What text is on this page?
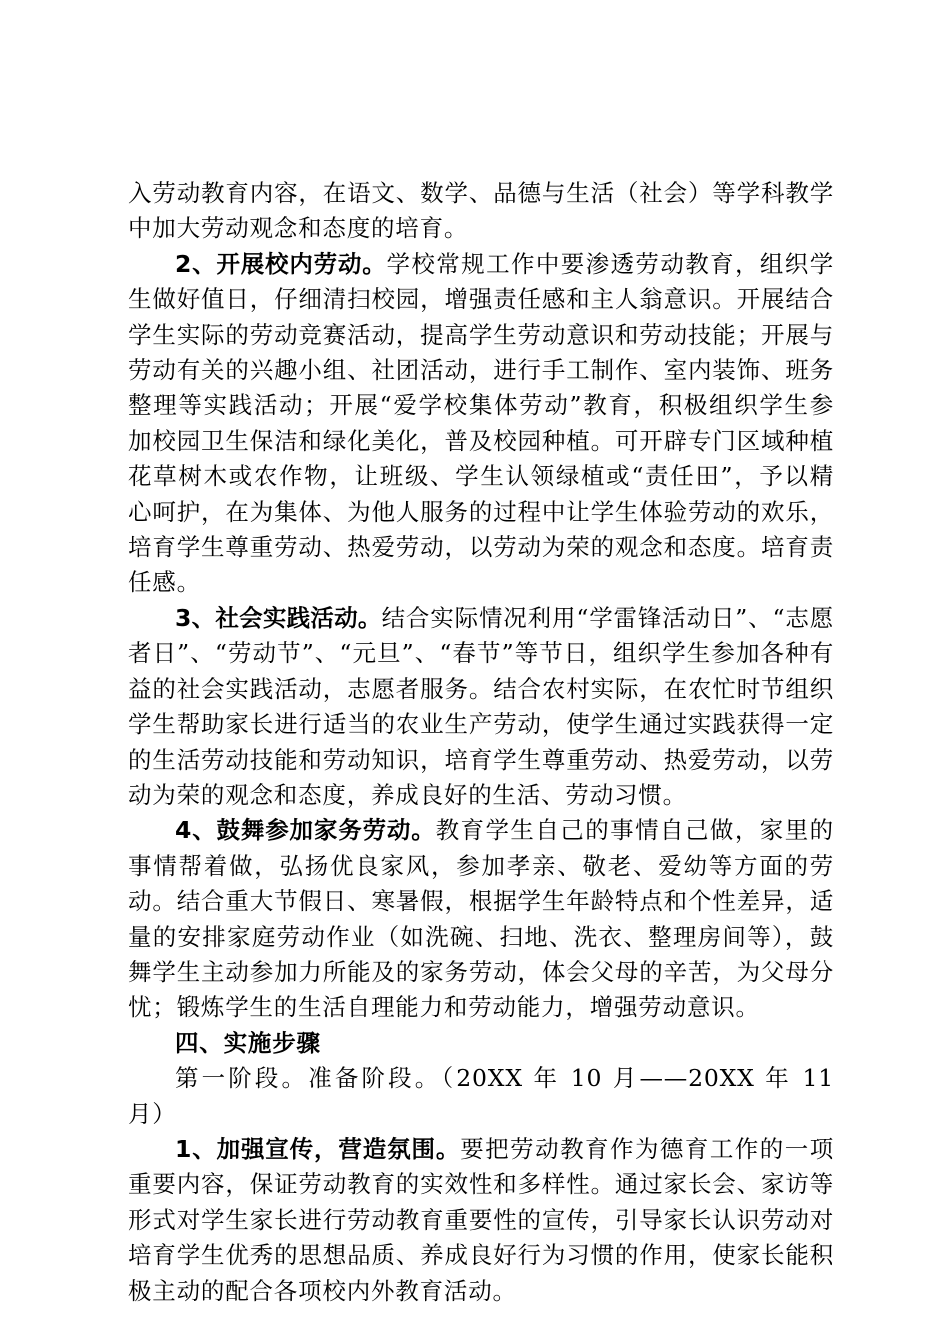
入劳动教育内容，在语文、数学、品德与生活（社会）等学科教学中加大劳动观念和态度的培育。

2、开展校内劳动。学校常规工作中要渗透劳动教育，组织学生做好值日，仔细清扫校园，增强责任感和主人翁意识。开展结合学生实际的劳动竞赛活动，提高学生劳动意识和劳动技能；开展与劳动有关的兴趣小组、社团活动，进行手工制作、室内装饰、班务整理等实践活动；开展“爱学校集体劳动”教育，积极组织学生参加校园卫生保洁和绿化美化，普及校园种植。可开辟专门区域种植花草树木或农作物，让班级、学生认领绿植或“责任田”，予以精心呵护，在为集体、为他人服务的过程中让学生体验劳动的欢乐，培育学生尊重劳动、热爱劳动，以劳动为荣的观念和态度。培育责任感。

3、社会实践活动。结合实际情况利用“学雷锋活动日”、“志愿者日”、“劳动节”、“元旦”、“春节”等节日，组织学生参加各种有益的社会实践活动，志愿者服务。结合农村实际，在农忙时节组织学生帮助家长进行适当的农业生产劳动，使学生通过实践获得一定的生活劳动技能和劳动知识，培育学生尊重劳动、热爱劳动，以劳动为荣的观念和态度，养成良好的生活、劳动习惯。

4、鼓舞参加家务劳动。教育学生自己的事情自己做，家里的事情帮着做，弘扬优良家风，参加孝亲、敬老、爱幼等方面的劳动。结合重大节假日、寒暑假，根据学生年龄特点和个性差异，适量的安排家庭劳动作业（如洗碗、扫地、洗衣、整理房间等），鼓舞学生主动参加力所能及的家务劳动，体会父母的辛苦，为父母分忧；锻炼学生的生活自理能力和劳动能力，增强劳动意识。

四、实施步骤

第一阶段。准备阶段。（20XX 年 10 月——20XX 年 11 月）

1、加强宣传，营造氛围。要把劳动教育作为德育工作的一项重要内容，保证劳动教育的实效性和多样性。通过家长会、家访等形式对学生家长进行劳动教育重要性的宣传，引导家长认识劳动对培育学生优秀的思想品质、养成良好行为习惯的作用，使家长能积极主动的配合各项校内外教育活动。
